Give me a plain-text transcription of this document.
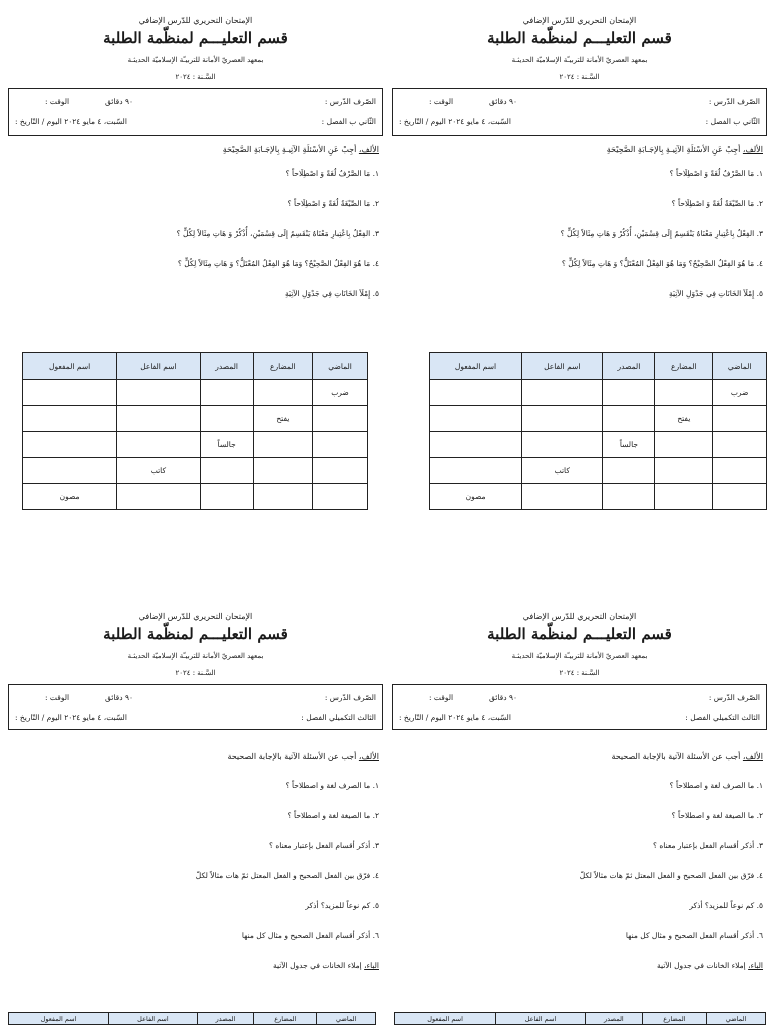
الإمتحان التحريري للدّرس الإضافي
قسم التعليـــم لمنظّمة الطلبة
بمعهد العصريّ الأمانة للتربيـّة الإسلاميّة الحديثـة
السَّـنة : ٢٠٢٤
الصّرف الدّرس :
٩٠ دقائق
الوقت :
الثّاني ب الفصل :
السّبت، ٤ مايو ٢٠٢٤ اليوم / التّاريخ :
الألف، أجِبْ عَنِ الأسْئلَةِ الآتِيـةِ بِالإجَـابَةِ الصَّحِيْحَةِ
١. مَا الصَّرْفُ لُغَةً وَ اصْطِلَاحاً ؟
٢. مَا الصِّيْغَةُ لُغَةً وَ اصْطِلَاحاً ؟
٣. الفِعْلُ بِاعْتِبارِ مَعْنَاهُ يَنْقَسِمُ إِلَى قِسْمَيْنِ، أُذْكُرْ وَ هَاتِ مِثَالاً لِكُلٍّ ؟
٤. مَا هُوَ الفِعْلُ الصَّحِيْحُ؟ وَمَا هُوَ الفِعْلُ المُعْتَلُّ؟ وَ هَاتِ مِثَالاً لِكُلٍّ ؟
٥. إِمْلَأ الخَانَاتِ فِي جَدْوَلِ الآتِيَةِ
الماضي	المضارع	المصدر	اسم الفاعل	اسم المفعول
ضرب				
	يفتح			
		جالساً		
			كاتب	
				مصون
الإمتحان التحريري للدّرس الإضافي
قسم التعليـــم لمنظّمة الطلبة
بمعهد العصريّ الأمانة للتربيـّة الإسلاميّة الحديثـة
السَّـنة : ٢٠٢٤
الصّرف الدّرس :
٩٠ دقائق
الوقت :
الثّاني ب الفصل :
السّبت، ٤ مايو ٢٠٢٤ اليوم / التّاريخ :
الألف، أجِبْ عَنِ الأسْئلَةِ الآتِيـةِ بِالإجَـابَةِ الصَّحِيْحَةِ
١. مَا الصَّرْفُ لُغَةً وَ اصْطِلَاحاً ؟
٢. مَا الصِّيْغَةُ لُغَةً وَ اصْطِلَاحاً ؟
٣. الفِعْلُ بِاعْتِبارِ مَعْنَاهُ يَنْقَسِمُ إِلَى قِسْمَيْنِ، أُذْكُرْ وَ هَاتِ مِثَالاً لِكُلٍّ ؟
٤. مَا هُوَ الفِعْلُ الصَّحِيْحُ؟ وَمَا هُوَ الفِعْلُ المُعْتَلُّ؟ وَ هَاتِ مِثَالاً لِكُلٍّ ؟
٥. إِمْلَأ الخَانَاتِ فِي جَدْوَلِ الآتِيَةِ
الماضي	المضارع	المصدر	اسم الفاعل	اسم المفعول
ضرب				
	يفتح			
		جالساً		
			كاتب	
				مصون
الإمتحان التحريري للدّرس الإضافي
قسم التعليـــم لمنظّمة الطلبة
بمعهد العصريّ الأمانة للتربيـّة الإسلاميّة الحديثـة
السَّـنة : ٢٠٢٤
الصّرف الدّرس :
٩٠ دقائق
الوقت :
الثالث التكميلي الفصل :
السّبت، ٤ مايو ٢٠٢٤ اليوم / التّاريخ :
الألف، أجب عن الأسئلة الآتية بالإجابة الصحيحة
١. ما الصرف لغة و اصطلاحاً ؟
٢. ما الصيغة لغة و اصطلاحاً ؟
٣. أذكر أقسام الفعل بإعتبار معناه ؟
٤. فرّق بين الفعل الصحيح و الفعل المعتل ثمّ هات مثالاً لكلّ
٥. كم نوعاً للمزيد؟ أذكر
٦. أذكر أقسام الفعل الصحيح و مثال كل منها
الباء، إملاء الخانات في جدول الآتية
الماضي	المضارع	المصدر	اسم الفاعل	اسم المفعول
الإمتحان التحريري للدّرس الإضافي
قسم التعليـــم لمنظّمة الطلبة
بمعهد العصريّ الأمانة للتربيـّة الإسلاميّة الحديثـة
السَّـنة : ٢٠٢٤
الصّرف الدّرس :
٩٠ دقائق
الوقت :
الثالث التكميلي الفصل :
السّبت، ٤ مايو ٢٠٢٤ اليوم / التّاريخ :
الألف، أجب عن الأسئلة الآتية بالإجابة الصحيحة
١. ما الصرف لغة و اصطلاحاً ؟
٢. ما الصيغة لغة و اصطلاحاً ؟
٣. أذكر أقسام الفعل بإعتبار معناه ؟
٤. فرّق بين الفعل الصحيح و الفعل المعتل ثمّ هات مثالاً لكلّ
٥. كم نوعاً للمزيد؟ أذكر
٦. أذكر أقسام الفعل الصحيح و مثال كل منها
الباء، إملاء الخانات في جدول الآتية
الماضي	المضارع	المصدر	اسم الفاعل	اسم المفعول
